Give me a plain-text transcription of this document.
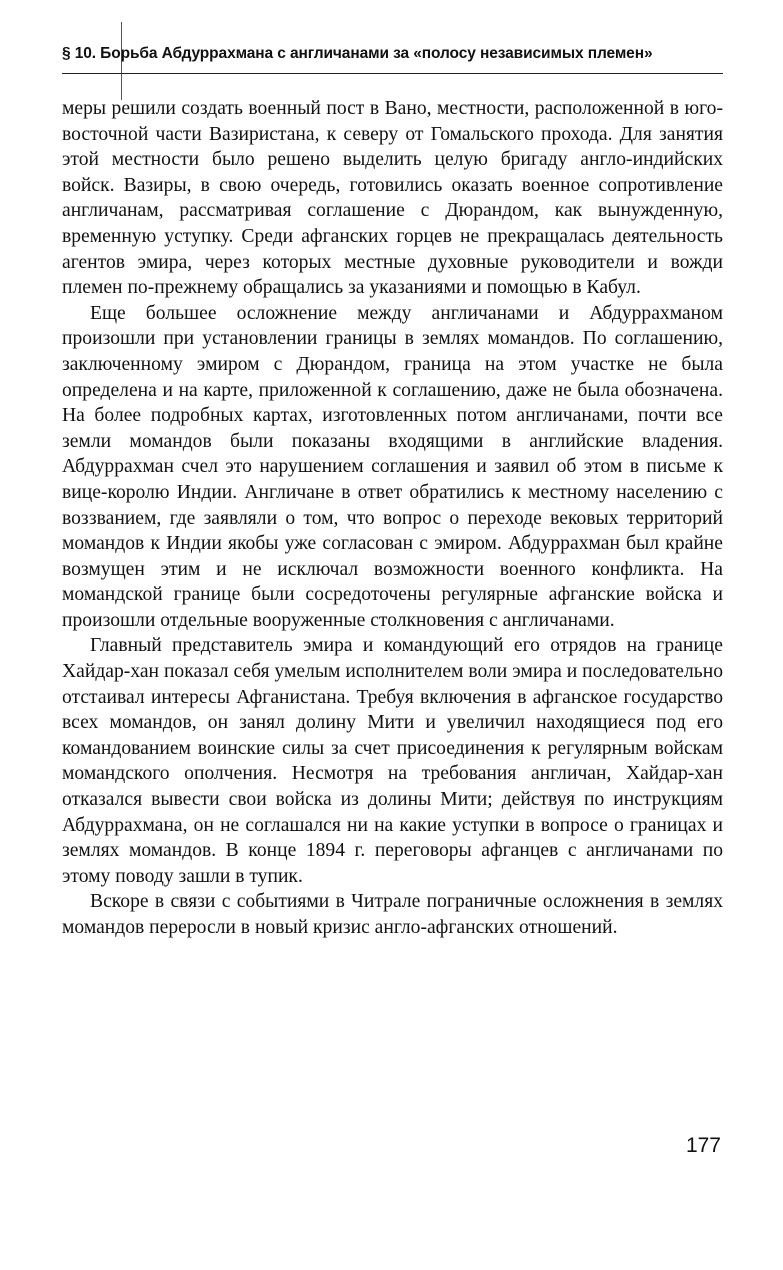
§ 10. Борьба Абдуррахмана с англичанами за «полосу независимых племен»

меры решили создать военный пост в Вано, местности, расположенной в юго-восточной части Вазиристана, к северу от Гомальского прохода. Для занятия этой местности было решено выделить целую бригаду англо-индийских войск. Вазиры, в свою очередь, готовились оказать военное сопротивление англичанам, рассматривая соглашение с Дюрандом, как вынужденную, временную уступку. Среди афганских горцев не прекращалась деятельность агентов эмира, через которых местные духовные руководители и вожди племен по-прежнему обращались за указаниями и помощью в Кабул.

Еще большее осложнение между англичанами и Абдуррахманом произошли при установлении границы в землях момандов. По соглашению, заключенному эмиром с Дюрандом, граница на этом участке не была определена и на карте, приложенной к соглашению, даже не была обозначена. На более подробных картах, изготовленных потом англичанами, почти все земли момандов были показаны входящими в английские владения. Абдуррахман счел это нарушением соглашения и заявил об этом в письме к вице-королю Индии. Англичане в ответ обратились к местному населению с воззванием, где заявляли о том, что вопрос о переходе вековых территорий момандов к Индии якобы уже согласован с эмиром. Абдуррахман был крайне возмущен этим и не исключал возможности военного конфликта. На момандской границе были сосредоточены регулярные афганские войска и произошли отдельные вооруженные столкновения с англичанами.

Главный представитель эмира и командующий его отрядов на границе Хайдар-хан показал себя умелым исполнителем воли эмира и последовательно отстаивал интересы Афганистана. Требуя включения в афганское государство всех момандов, он занял долину Мити и увеличил находящиеся под его командованием воинские силы за счет присоединения к регулярным войскам момандского ополчения. Несмотря на требования англичан, Хайдар-хан отказался вывести свои войска из долины Мити; действуя по инструкциям Абдуррахмана, он не соглашался ни на какие уступки в вопросе о границах и землях момандов. В конце 1894 г. переговоры афганцев с англичанами по этому поводу зашли в тупик.

Вскоре в связи с событиями в Читрале пограничные осложнения в землях момандов переросли в новый кризис англо-афганских отношений.

177
